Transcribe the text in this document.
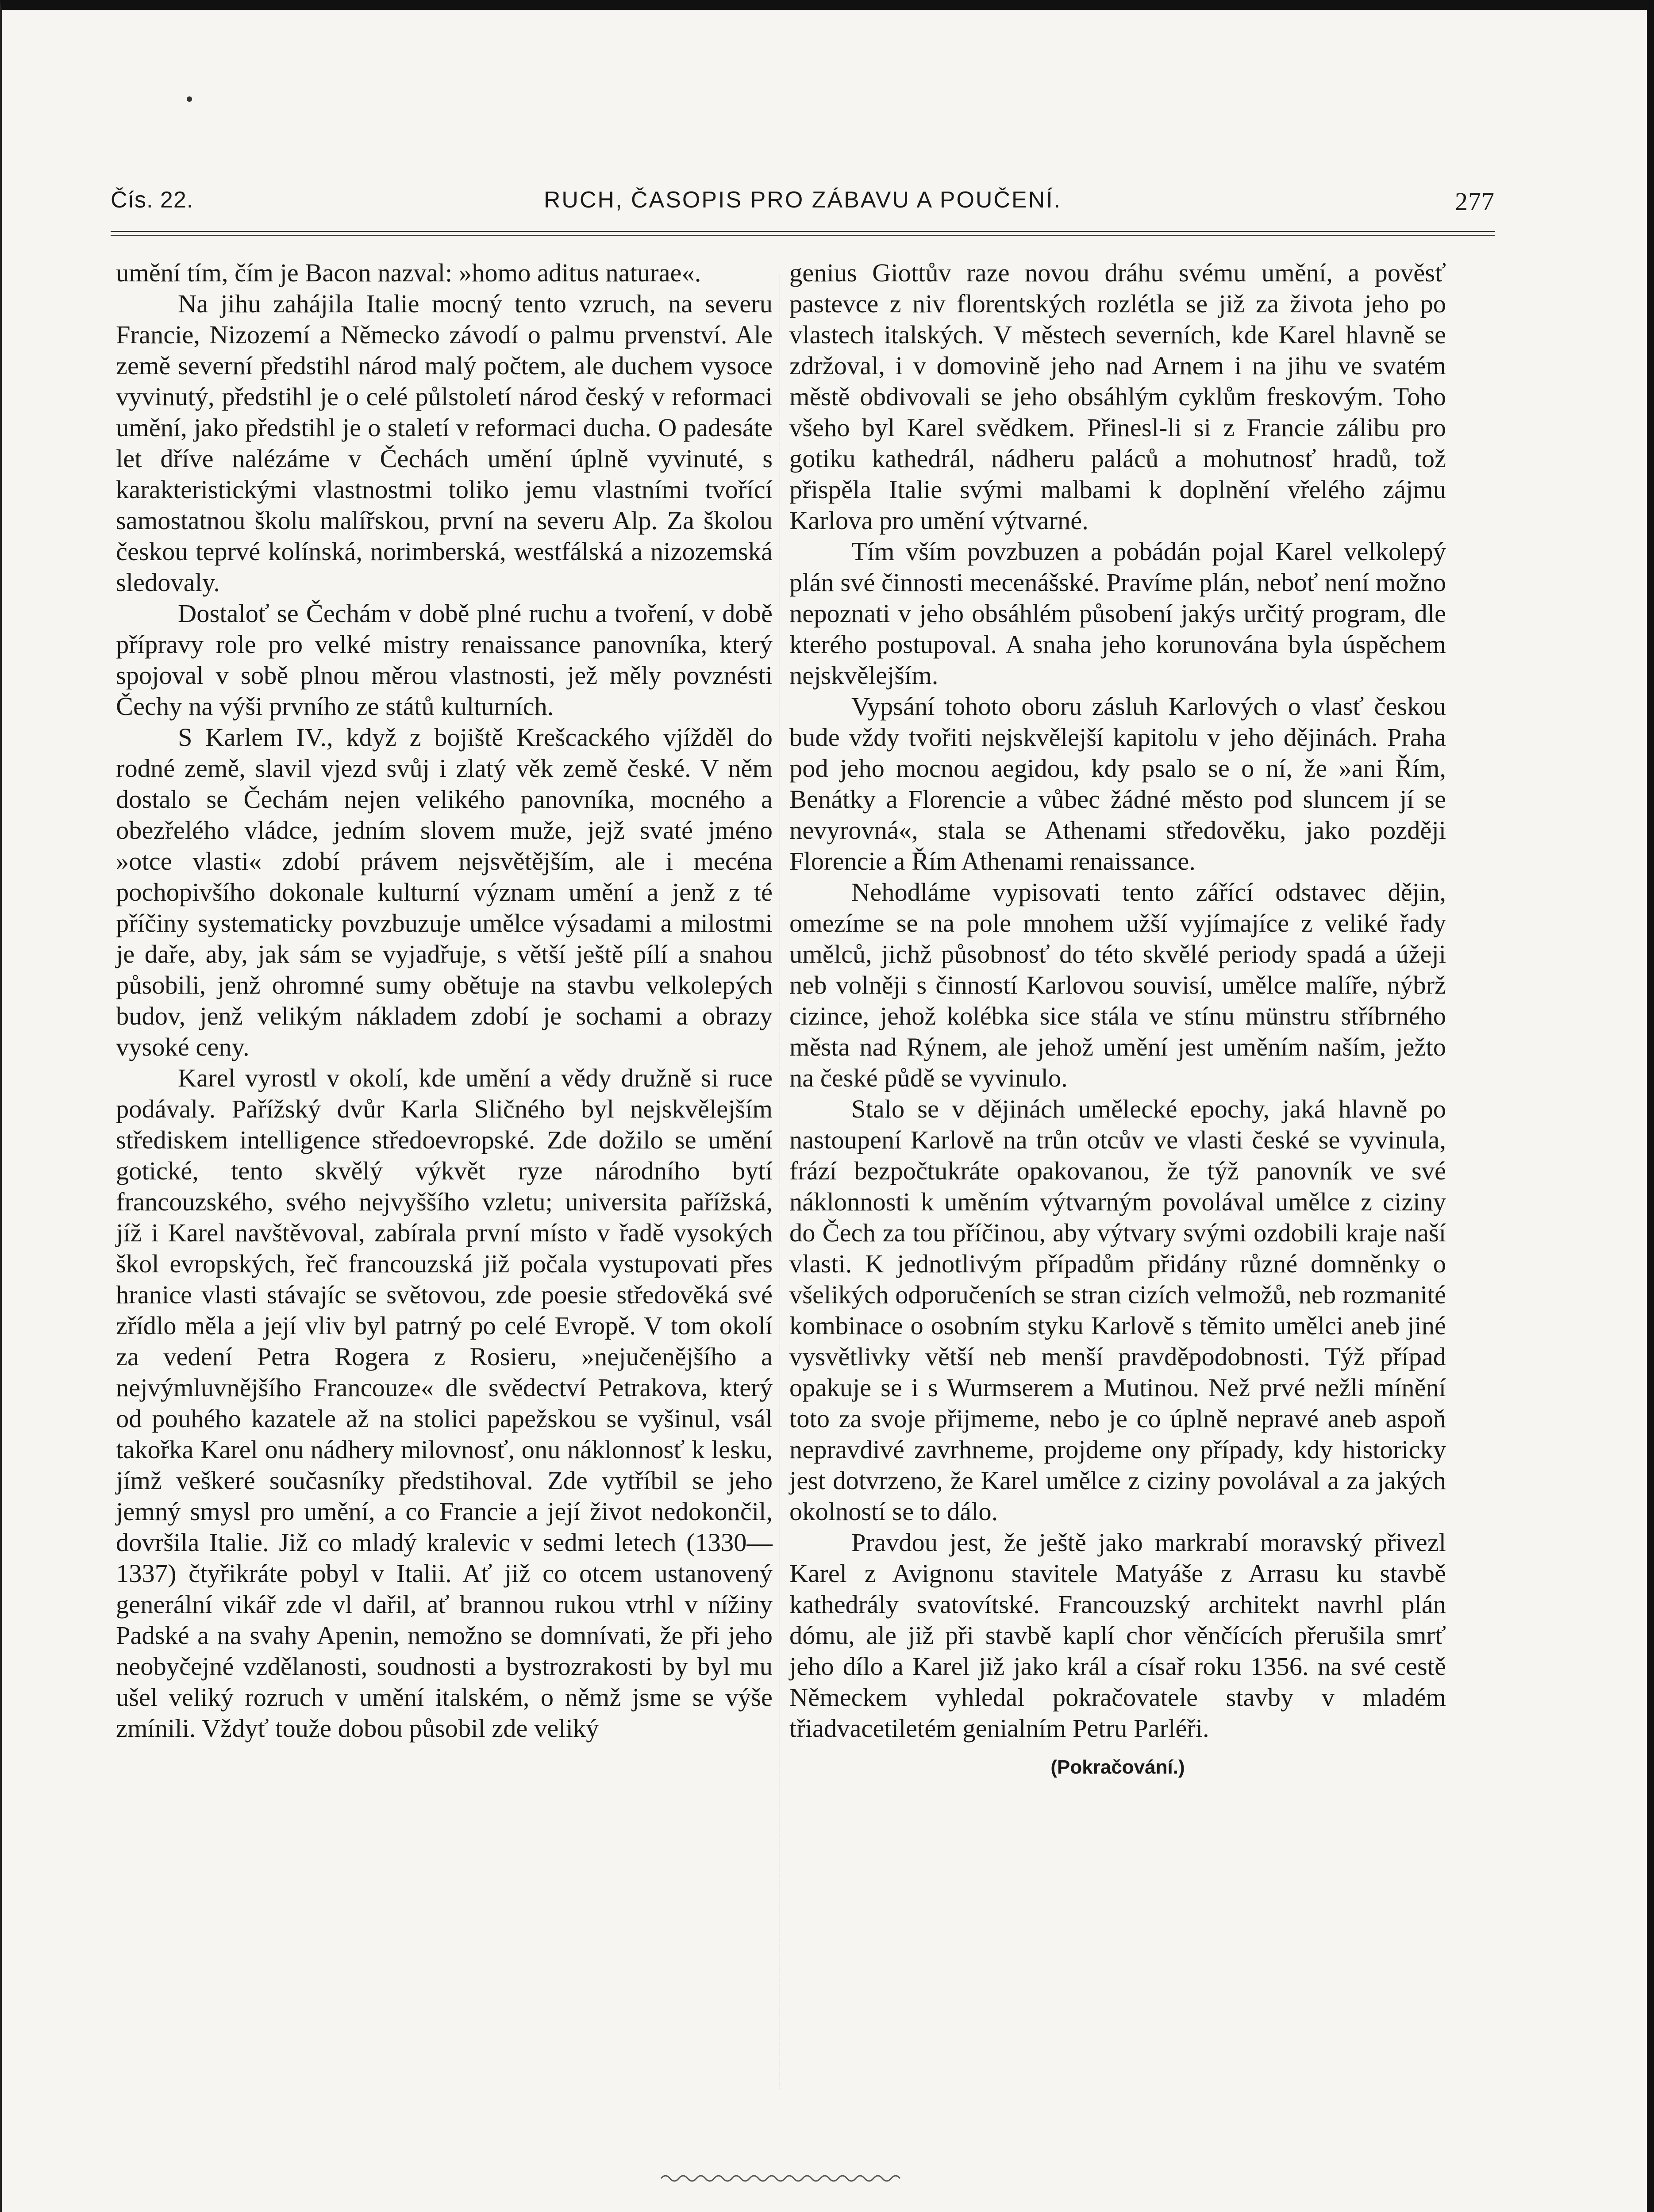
Čís. 22.	RUCH, ČASOPIS PRO ZÁBAVU A POUČENÍ.	277

umění tím, čím je Bacon nazval: »homo aditus naturae«.

Na jihu zahájila Italie mocný tento vzruch, na severu Francie, Nizozemí a Německo závodí o palmu prvenství. Ale země severní předstihl národ malý počtem, ale duchem vysoce vyvinutý, předstihl je o celé půlstoletí národ český v reformaci umění, jako předstihl je o staletí v reformaci ducha. O padesáte let dříve nalézáme v Čechách umění úplně vyvinuté, s karakteristickými vlastnostmi toliko jemu vlastními tvořící samostatnou školu malířskou, první na severu Alp. Za školou českou teprvé kolínská, norimberská, westfálská a nizozemská sledovaly.

Dostaloť se Čechám v době plné ruchu a tvoření, v době přípravy role pro velké mistry renaissance panovníka, který spojoval v sobě plnou měrou vlastnosti, jež měly povznésti Čechy na výši prvního ze států kulturních.

S Karlem IV., když z bojiště Krešcackého vjížděl do rodné země, slavil vjezd svůj i zlatý věk země české. V něm dostalo se Čechám nejen velikého panovníka, mocného a obezřelého vládce, jedním slovem muže, jejž svaté jméno »otce vlasti« zdobí právem nejsvětějším, ale i mecéna pochopivšího dokonale kulturní význam umění a jenž z té příčiny systematicky povzbuzuje umělce výsadami a milostmi je daře, aby, jak sám se vyjadřuje, s větší ještě pílí a snahou působili, jenž ohromné sumy obětuje na stavbu velkolepých budov, jenž velikým nákladem zdobí je sochami a obrazy vysoké ceny.

Karel vyrostl v okolí, kde umění a vědy družně si ruce podávaly. Pařížský dvůr Karla Sličného byl nejskvělejším střediskem intelligence středoevropské. Zde dožilo se umění gotické, tento skvělý výkvět ryze národního bytí francouzského, svého nejvyššího vzletu; universita pařížská, jíž i Karel navštěvoval, zabírala první místo v řadě vysokých škol evropských, řeč francouzská již počala vystupovati přes hranice vlasti stávajíc se světovou, zde poesie středověká své zřídlo měla a její vliv byl patrný po celé Evropě. V tom okolí za vedení Petra Rogera z Rosieru, »nejučenějšího a nejvýmluvnějšího Francouze« dle svědectví Petrakova, který od pouhého kazatele až na stolici papežskou se vyšinul, vsál takořka Karel onu nádhery milovnosť, onu náklonnosť k lesku, jímž veškeré současníky předstihoval. Zde vytříbil se jeho jemný smysl pro umění, a co Francie a její život nedokončil, dovršila Italie. Již co mladý kralevic v sedmi letech (1330—1337) čtyřikráte pobyl v Italii. Ať již co otcem ustanovený generální vikář zde vl dařil, ať brannou rukou vtrhl v nížiny Padské a na svahy Apenin, nemožno se domnívati, že při jeho neobyčejné vzdělanosti, soudnosti a bystrozrakosti by byl mu ušel veliký rozruch v umění italském, o němž jsme se výše zmínili. Vždyť touže dobou působil zde veliký

genius Giottův raze novou dráhu svému umění, a pověsť pastevce z niv florentských rozlétla se již za života jeho po vlastech italských. V městech severních, kde Karel hlavně se zdržoval, i v domovině jeho nad Arnem i na jihu ve svatém městě obdivovali se jeho obsáhlým cyklům freskovým. Toho všeho byl Karel svědkem. Přinesl-li si z Francie zálibu pro gotiku kathedrál, nádheru paláců a mohutnosť hradů, tož přispěla Italie svými malbami k doplnění vřelého zájmu Karlova pro umění výtvarné.

Tím vším povzbuzen a pobádán pojal Karel velkolepý plán své činnosti mecenášské. Pravíme plán, neboť není možno nepoznati v jeho obsáhlém působení jakýs určitý program, dle kterého postupoval. A snaha jeho korunována byla úspěchem nejskvělejším.

Vypsání tohoto oboru zásluh Karlových o vlasť českou bude vždy tvořiti nejskvělejší kapitolu v jeho dějinách. Praha pod jeho mocnou aegidou, kdy psalo se o ní, že »ani Řím, Benátky a Florencie a vůbec žádné město pod sluncem jí se nevyrovná«, stala se Athenami středověku, jako později Florencie a Řím Athenami renaissance.

Nehodláme vypisovati tento zářící odstavec dějin, omezíme se na pole mnohem užší vyjímajíce z veliké řady umělců, jichž působnosť do této skvělé periody spadá a úžeji neb volněji s činností Karlovou souvisí, umělce malíře, nýbrž cizince, jehož kolébka sice stála ve stínu münstru stříbrného města nad Rýnem, ale jehož umění jest uměním naším, ježto na české půdě se vyvinulo.

Stalo se v dějinách umělecké epochy, jaká hlavně po nastoupení Karlově na trůn otcův ve vlasti české se vyvinula, frází bezpočtukráte opakovanou, že týž panovník ve své náklonnosti k uměním výtvarným povolával umělce z ciziny do Čech za tou příčinou, aby výtvary svými ozdobili kraje naší vlasti. K jednotlivým případům přidány různé domněnky o všelikých odporučeních se stran cizích velmožů, neb rozmanité kombinace o osobním styku Karlově s těmito umělci aneb jiné vysvětlivky větší neb menší pravděpodobnosti. Týž případ opakuje se i s Wurmserem a Mutinou. Než prvé nežli mínění toto za svoje přijmeme, nebo je co úplně nepravé aneb aspoň nepravdivé zavrhneme, projdeme ony případy, kdy historicky jest dotvrzeno, že Karel umělce z ciziny povolával a za jakých okolností se to dálo.

Pravdou jest, že ještě jako markrabí moravský přivezl Karel z Avignonu stavitele Matyáše z Arrasu ku stavbě kathedrály svatovítské. Francouzský architekt navrhl plán dómu, ale již při stavbě kaplí chor věnčících přerušila smrť jeho dílo a Karel již jako král a císař roku 1356. na své cestě Německem vyhledal pokračovatele stavby v mladém třiadvacetiletém genialním Petru Parléři.

(Pokračování.)
